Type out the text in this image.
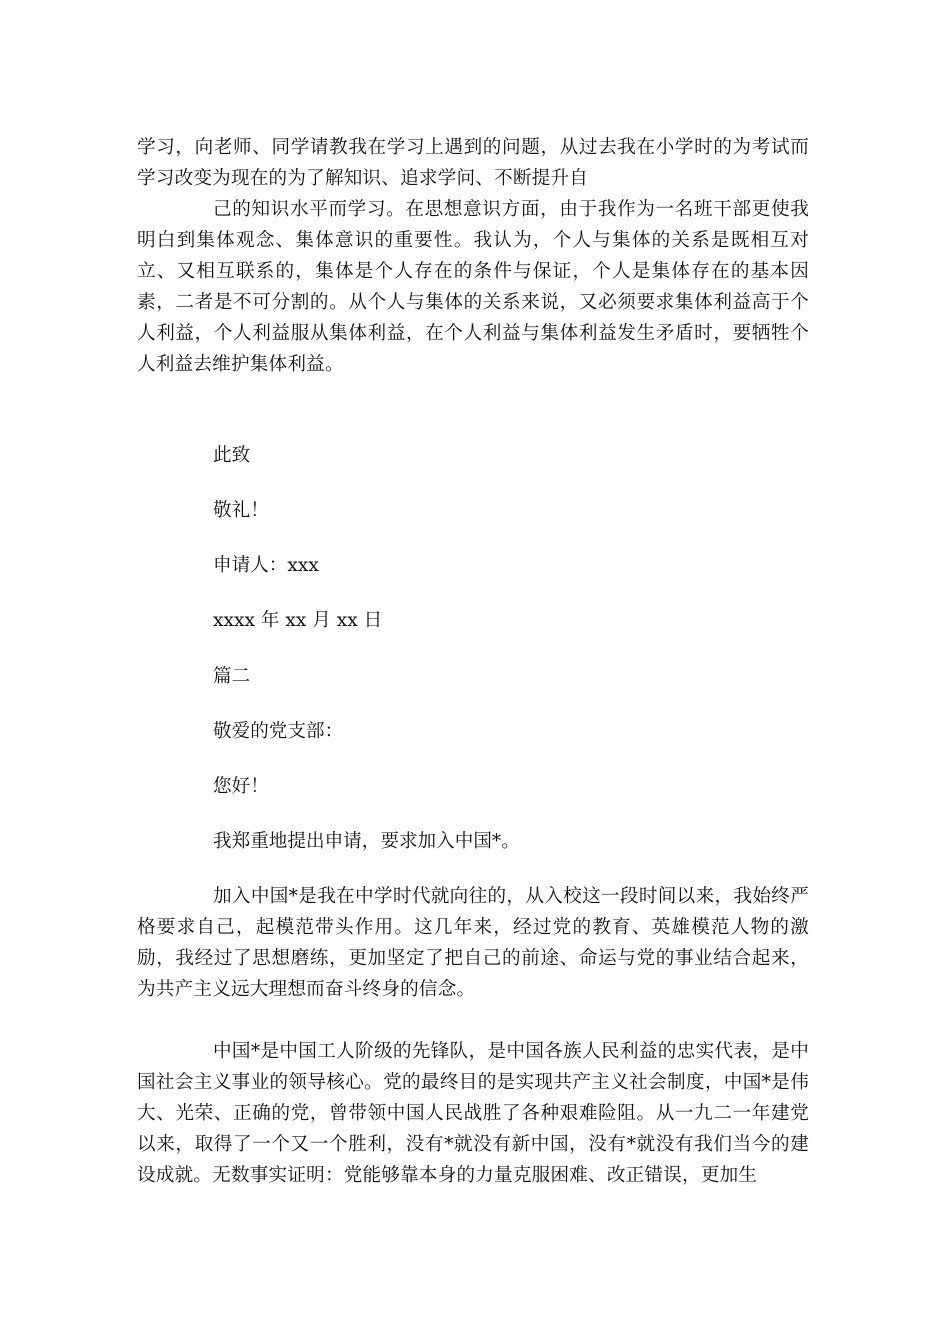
学习，向老师、同学请教我在学习上遇到的问题，从过去我在小学时的为考试而学习改变为现在的为了解知识、追求学问、不断提升自

己的知识水平而学习。在思想意识方面，由于我作为一名班干部更使我明白到集体观念、集体意识的重要性。我认为，个人与集体的关系是既相互对立、又相互联系的，集体是个人存在的条件与保证，个人是集体存在的基本因素，二者是不可分割的。从个人与集体的关系来说，又必须要求集体利益高于个人利益，个人利益服从集体利益，在个人利益与集体利益发生矛盾时，要牺牲个人利益去维护集体利益。

此致

敬礼！

申请人：xxx

xxxx 年 xx 月 xx 日

篇二

敬爱的党支部：

您好！

我郑重地提出申请，要求加入中国*。

加入中国*是我在中学时代就向往的，从入校这一段时间以来，我始终严格要求自己，起模范带头作用。这几年来，经过党的教育、英雄模范人物的激励，我经过了思想磨练，更加坚定了把自己的前途、命运与党的事业结合起来，为共产主义远大理想而奋斗终身的信念。

中国*是中国工人阶级的先锋队，是中国各族人民利益的忠实代表，是中国社会主义事业的领导核心。党的最终目的是实现共产主义社会制度，中国*是伟大、光荣、正确的党，曾带领中国人民战胜了各种艰难险阻。从一九二一年建党以来，取得了一个又一个胜利，没有*就没有新中国，没有*就没有我们当今的建设成就。无数事实证明：党能够靠本身的力量克服困难、改正错误，更加生
